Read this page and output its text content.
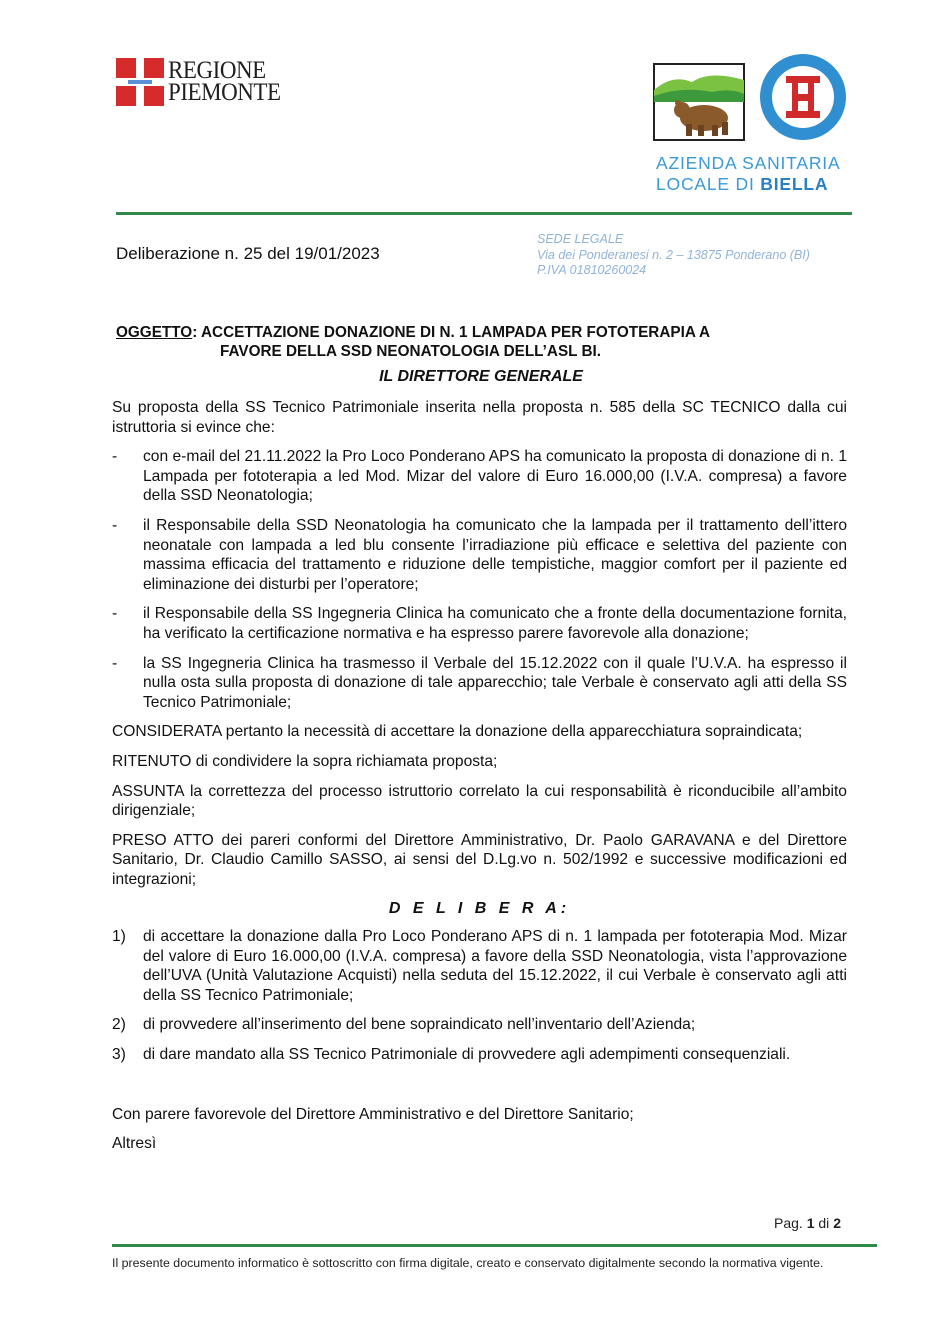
REGIONE
PIEMONTE
AZIENDA SANITARIA
LOCALE DI BIELLA
Deliberazione n. 25 del 19/01/2023
SEDE LEGALE
Via dei Ponderanesi n. 2 – 13875 Ponderano (BI)
P.IVA 01810260024
OGGETTO: ACCETTAZIONE DONAZIONE DI N. 1 LAMPADA PER FOTOTERAPIA A
FAVORE DELLA SSD NEONATOLOGIA DELL’ASL BI.
IL DIRETTORE GENERALE

Su proposta della SS Tecnico Patrimoniale inserita nella proposta n. 585 della SC TECNICO dalla cui istruttoria si evince che:

-	con e-mail del 21.11.2022 la Pro Loco Ponderano APS ha comunicato la proposta di donazione di n. 1 Lampada per fototerapia a led Mod. Mizar del valore di Euro 16.000,00 (I.V.A. compresa) a favore della SSD Neonatologia;
-	il Responsabile della SSD Neonatologia ha comunicato che la lampada per il trattamento dell’ittero neonatale con lampada a led blu consente l’irradiazione più efficace e selettiva del paziente con massima efficacia del trattamento e riduzione delle tempistiche, maggior comfort per il paziente ed eliminazione dei disturbi per l’operatore;
-	il Responsabile della SS Ingegneria Clinica ha comunicato che a fronte della documentazione fornita, ha verificato la certificazione normativa e ha espresso parere favorevole alla donazione;
-	la SS Ingegneria Clinica ha trasmesso il Verbale del 15.12.2022 con il quale l’U.V.A. ha espresso il nulla osta sulla proposta di donazione di tale apparecchio; tale Verbale è conservato agli atti della SS Tecnico Patrimoniale;

CONSIDERATA pertanto la necessità di accettare la donazione della apparecchiatura sopraindicata;

RITENUTO di condividere la sopra richiamata proposta;

ASSUNTA la correttezza del processo istruttorio correlato la cui responsabilità è riconducibile all’ambito dirigenziale;

PRESO ATTO dei pareri conformi del Direttore Amministrativo, Dr. Paolo GARAVANA e del Direttore Sanitario, Dr. Claudio Camillo SASSO, ai sensi del D.Lg.vo n. 502/1992 e successive modificazioni ed integrazioni;

D E L I B E R A:
1)	di accettare la donazione dalla Pro Loco Ponderano APS di n. 1 lampada per fototerapia Mod. Mizar del valore di Euro 16.000,00 (I.V.A. compresa) a favore della SSD Neonatologia, vista l’approvazione dell’UVA (Unità Valutazione Acquisti) nella seduta del 15.12.2022, il cui Verbale è conservato agli atti della SS Tecnico Patrimoniale;
2)	di provvedere all’inserimento del bene sopraindicato nell’inventario dell’Azienda;
3)	di dare mandato alla SS Tecnico Patrimoniale di provvedere agli adempimenti consequenziali.

Con parere favorevole del Direttore Amministrativo e del Direttore Sanitario;

Altresì

Pag. 1 di 2
Il presente documento informatico è sottoscritto con firma digitale, creato e conservato digitalmente secondo la normativa vigente.
